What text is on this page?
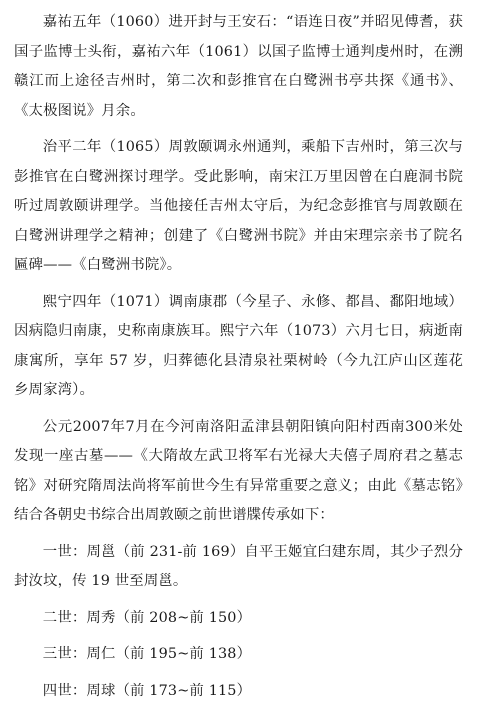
嘉祐五年（1060）进开封与王安石：“语连日夜”并昭见傅耆，获国子监博士头衔，嘉祐六年（1061）以国子监博士通判虔州时，在溯赣江而上途径吉州时，第二次和彭推官在白鹭洲书亭共探《通书》、《太极图说》月余。

治平二年（1065）周敦颐调永州通判，乘船下吉州时，第三次与彭推官在白鹭洲探讨理学。受此影响，南宋江万里因曾在白鹿洞书院听过周敦颐讲理学。当他接任吉州太守后，为纪念彭推官与周敦颐在白鹭洲讲理学之精神；创建了《白鹭洲书院》并由宋理宗亲书了院名匾碑——《白鹭洲书院》。

熙宁四年（1071）调南康郡（今星子、永修、都昌、鄱阳地域）因病隐归南康，史称南康族耳。熙宁六年（1073）六月七日，病逝南康寓所，享年 57 岁，归葬德化县清泉社栗树岭（今九江庐山区莲花乡周家湾）。

公元2007年7月在今河南洛阳孟津县朝阳镇向阳村西南300米处发现一座古墓——《大隋故左武卫将军右光禄大夫僖子周府君之墓志铭》对研究隋周法尚将军前世今生有异常重要之意义；由此《墓志铭》结合各朝史书综合出周敦颐之前世谱牒传承如下：

一世：周邕（前 231-前 169）自平王姬宜臼建东周，其少子烈分封汝坟，传 19 世至周邕。

二世：周秀（前 208~前 150）

三世：周仁（前 195~前 138）

四世：周球（前 173~前 115）
